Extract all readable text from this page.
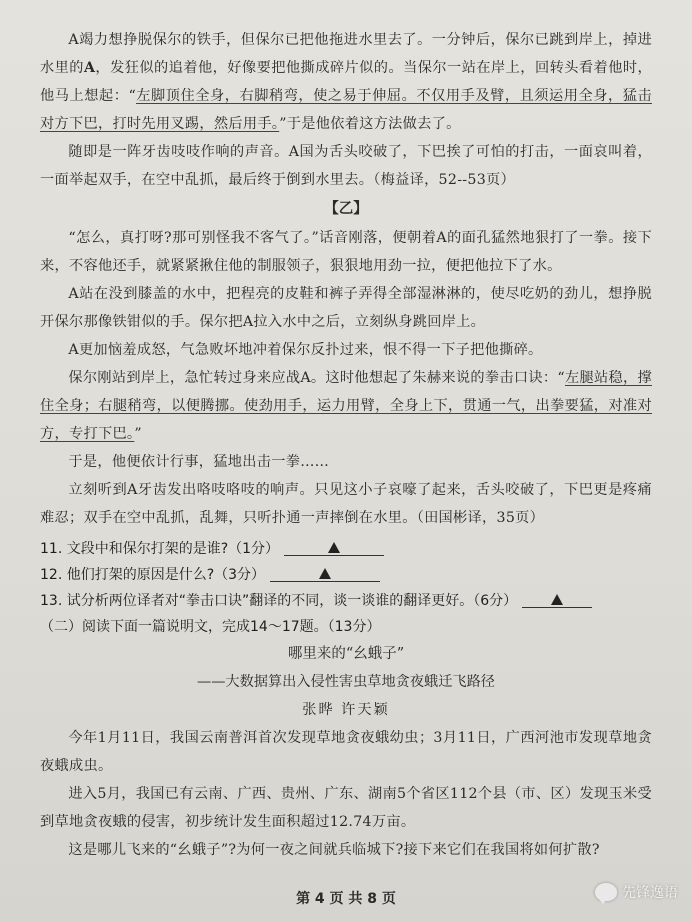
A竭力想挣脱保尔的铁手，但保尔已把他拖进水里去了。一分钟后，保尔已跳到岸上，掉进水里的A，发狂似的追着他，好像要把他撕成碎片似的。当保尔一站在岸上，回转头看着他时，他马上想起：“左脚顶住全身，右脚稍弯，使之易于伸屈。不仅用手及臂，且须运用全身，猛击对方下巴，打时先用叉踢，然后用手。”于是他依着这方法做去了。

随即是一阵牙齿吱吱作响的声音。A国为舌头咬破了，下巴挨了可怕的打击，一面哀叫着，一面举起双手，在空中乱抓，最后终于倒到水里去。（梅益译，52--53页）

【乙】

“怎么，真打呀?那可别怪我不客气了。”话音刚落，便朝着A的面孔猛然地狠打了一拳。接下来，不容他还手，就紧紧揪住他的制服领子，狠狠地用劲一拉，便把他拉下了水。

A站在没到膝盖的水中，把程亮的皮鞋和裤子弄得全部湿淋淋的，使尽吃奶的劲儿，想挣脱开保尔那像铁钳似的手。保尔把A拉入水中之后，立刻纵身跳回岸上。

A更加恼羞成怒，气急败坏地冲着保尔反扑过来，恨不得一下子把他撕碎。

保尔刚站到岸上，急忙转过身来应战A。这时他想起了朱赫来说的拳击口诀：“左腿站稳，撑住全身；右腿稍弯，以便腾挪。使劲用手，运力用臂，全身上下，贯通一气，出拳要猛，对准对方，专打下巴。”

于是，他便依计行事，猛地出击一拳……

立刻听到A牙齿发出咯吱咯吱的响声。只见这小子哀嚎了起来，舌头咬破了，下巴更是疼痛难忍；双手在空中乱抓，乱舞，只听扑通一声摔倒在水里。（田国彬译，35页）

11. 文段中和保尔打架的是谁?（1分）

12. 他们打架的原因是什么?（3分）

13. 试分析两位译者对“拳击口诀”翻译的不同，谈一谈谁的翻译更好。（6分）

（二）阅读下面一篇说明文，完成14～17题。（13分）

哪里来的“幺蛾子”

——大数据算出入侵性害虫草地贪夜蛾迁飞路径

张晔 许天颖

今年1月11日，我国云南普洱首次发现草地贪夜蛾幼虫；3月11日，广西河池市发现草地贪夜蛾成虫。

进入5月，我国已有云南、广西、贵州、广东、湖南5个省区112个县（市、区）发现玉米受到草地贪夜蛾的侵害，初步统计发生面积超过12.74万亩。

这是哪儿飞来的“幺蛾子”?为何一夜之间就兵临城下?接下来它们在我国将如何扩散?

第 4 页 共 8 页	先锋逸语
